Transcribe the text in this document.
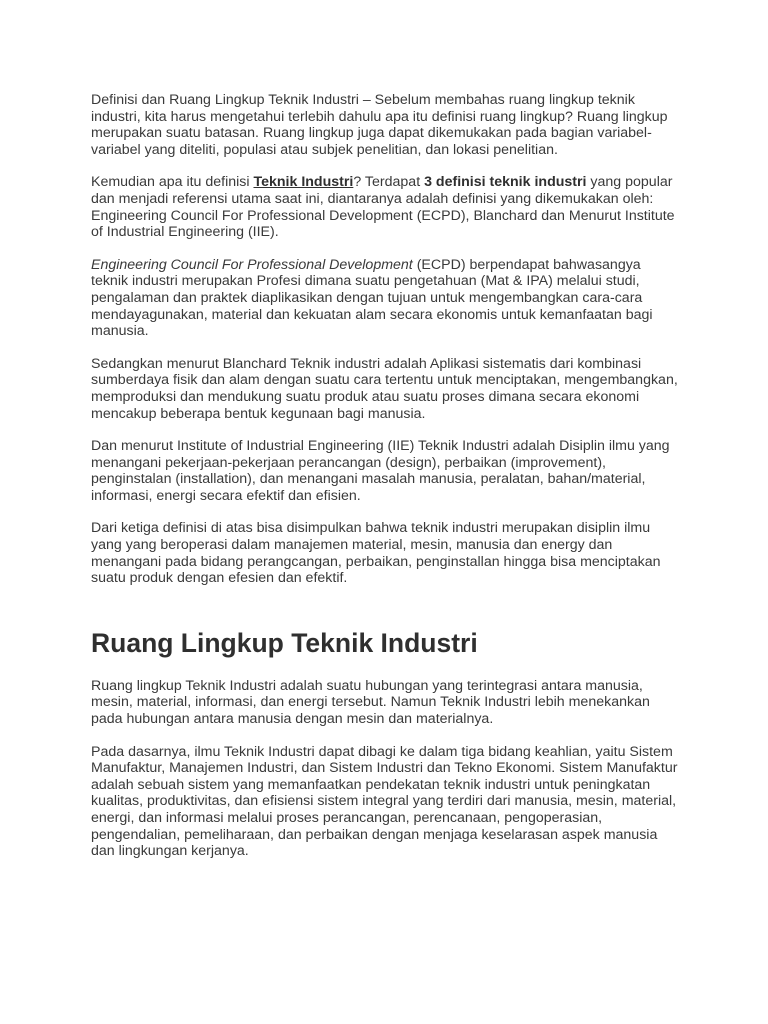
Definisi dan Ruang Lingkup Teknik Industri – Sebelum membahas ruang lingkup teknik industri, kita harus mengetahui terlebih dahulu apa itu definisi ruang lingkup? Ruang lingkup merupakan suatu batasan. Ruang lingkup juga dapat dikemukakan pada bagian variabel-variabel yang diteliti, populasi atau subjek penelitian, dan lokasi penelitian.

Kemudian apa itu definisi Teknik Industri? Terdapat 3 definisi teknik industri yang popular dan menjadi referensi utama saat ini, diantaranya adalah definisi yang dikemukakan oleh: Engineering Council For Professional Development (ECPD), Blanchard dan Menurut Institute of Industrial Engineering (IIE).

Engineering Council For Professional Development (ECPD) berpendapat bahwasangya teknik industri merupakan Profesi dimana suatu pengetahuan (Mat & IPA) melalui studi, pengalaman dan praktek diaplikasikan dengan tujuan untuk mengembangkan cara-cara mendayagunakan, material dan kekuatan alam secara ekonomis untuk kemanfaatan bagi manusia.

Sedangkan menurut Blanchard Teknik industri adalah Aplikasi sistematis dari kombinasi sumberdaya fisik dan alam dengan suatu cara tertentu untuk menciptakan, mengembangkan, memproduksi dan mendukung suatu produk atau suatu proses dimana secara ekonomi mencakup beberapa bentuk kegunaan bagi manusia.

Dan menurut Institute of Industrial Engineering (IIE) Teknik Industri adalah Disiplin ilmu yang menangani pekerjaan-pekerjaan perancangan (design), perbaikan (improvement), penginstalan (installation), dan menangani masalah manusia, peralatan, bahan/material, informasi, energi secara efektif dan efisien.

Dari ketiga definisi di atas bisa disimpulkan bahwa teknik industri merupakan disiplin ilmu yang yang beroperasi dalam manajemen material, mesin, manusia dan energy dan menangani pada bidang perangcangan, perbaikan, penginstallan hingga bisa menciptakan suatu produk dengan efesien dan efektif.

Ruang Lingkup Teknik Industri

Ruang lingkup Teknik Industri adalah suatu hubungan yang terintegrasi antara manusia, mesin, material, informasi, dan energi tersebut. Namun Teknik Industri lebih menekankan pada hubungan antara manusia dengan mesin dan materialnya.

Pada dasarnya, ilmu Teknik Industri dapat dibagi ke dalam tiga bidang keahlian, yaitu Sistem Manufaktur, Manajemen Industri, dan Sistem Industri dan Tekno Ekonomi. Sistem Manufaktur adalah sebuah sistem yang memanfaatkan pendekatan teknik industri untuk peningkatan kualitas, produktivitas, dan efisiensi sistem integral yang terdiri dari manusia, mesin, material, energi, dan informasi melalui proses perancangan, perencanaan, pengoperasian, pengendalian, pemeliharaan, dan perbaikan dengan menjaga keselarasan aspek manusia dan lingkungan kerjanya.
